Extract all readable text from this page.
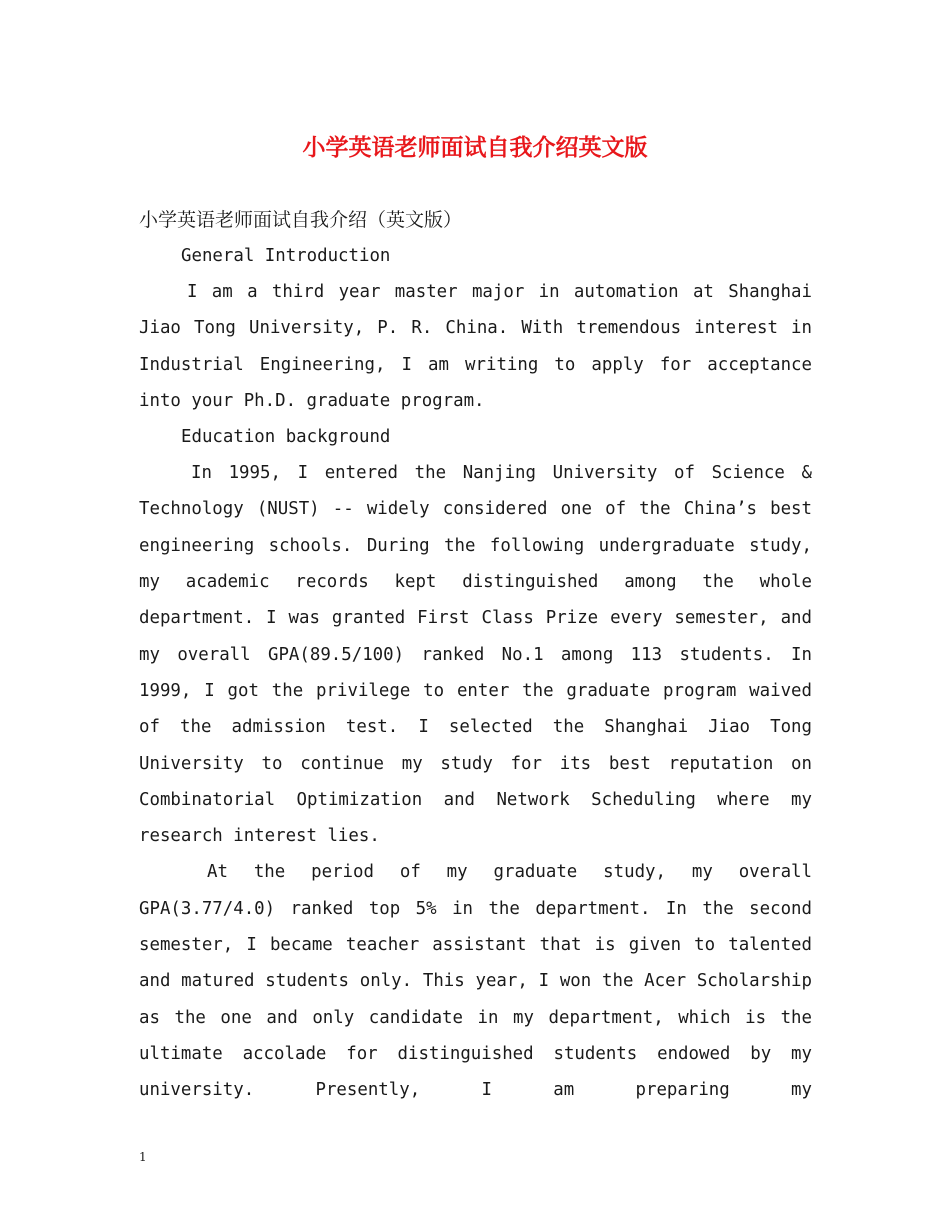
小学英语老师面试自我介绍英文版

小学英语老师面试自我介绍（英文版）

General Introduction

I am a third year master major in automation at Shanghai Jiao Tong University, P. R. China. With tremendous interest in Industrial Engineering, I am writing to apply for acceptance into your Ph.D. graduate program.

Education background

In 1995, I entered the Nanjing University of Science & Technology (NUST) -- widely considered one of the China’s best engineering schools. During the following undergraduate study, my academic records kept distinguished among the whole department. I was granted First Class Prize every semester, and my overall GPA(89.5/100) ranked No.1 among 113 students. In 1999, I got the privilege to enter the graduate program waived of the admission test. I selected the Shanghai Jiao Tong University to continue my study for its best reputation on Combinatorial Optimization and Network Scheduling where my research interest lies.

At the period of my graduate study, my overall GPA(3.77/4.0) ranked top 5% in the department. In the second semester, I became teacher assistant that is given to talented and matured students only. This year, I won the Acer Scholarship as the one and only candidate in my department, which is the ultimate accolade for distinguished students endowed by my university. Presently, I am preparing my

1
